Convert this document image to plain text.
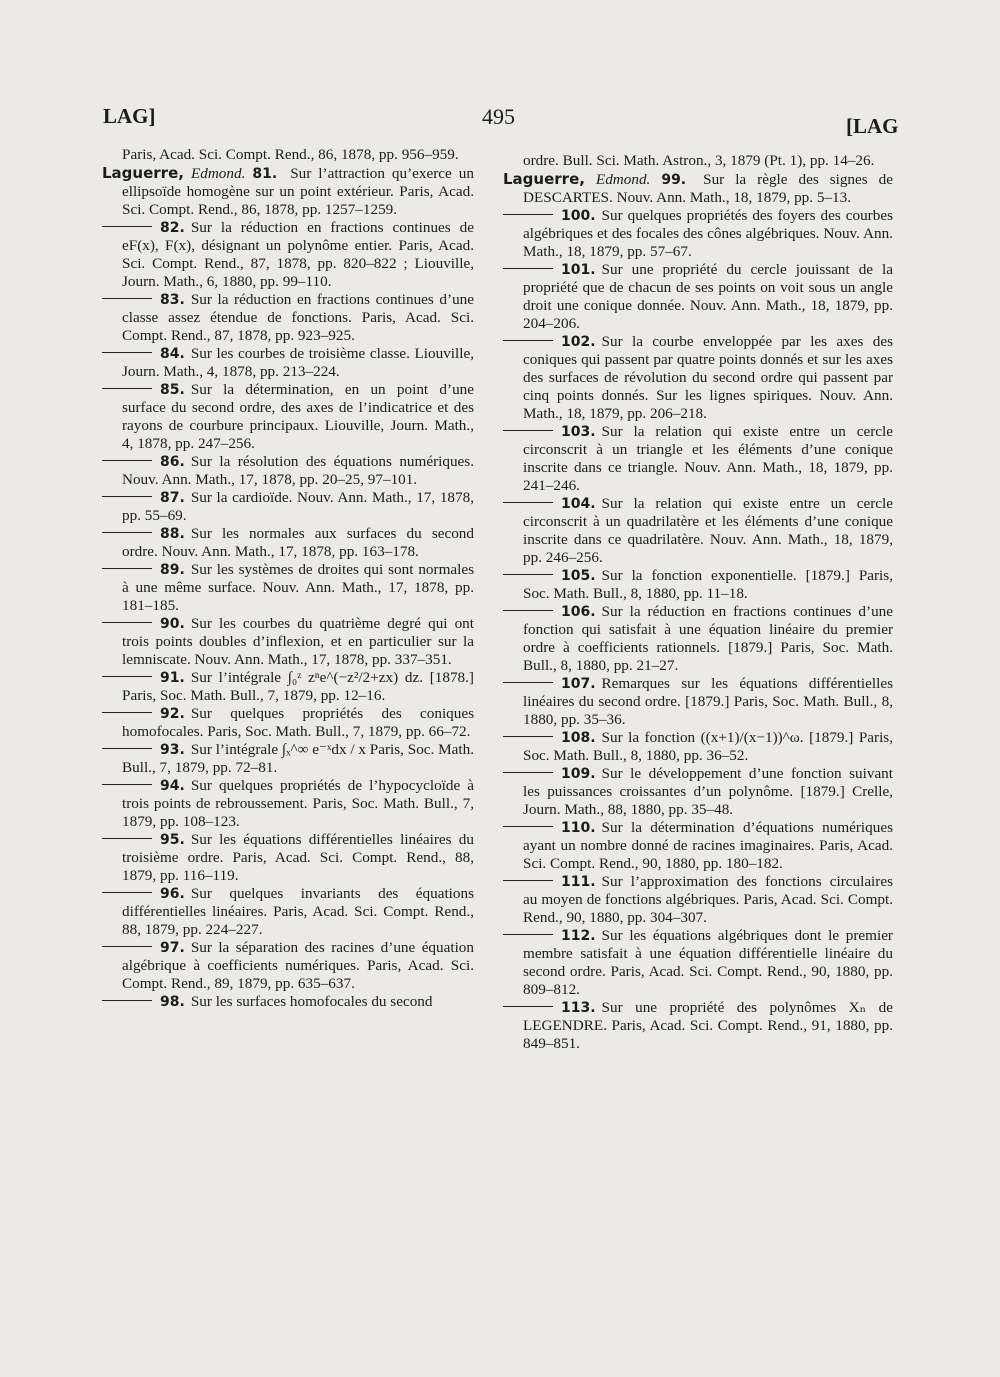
LAG]	495	[LAG

Paris, Acad. Sci. Compt. Rend., 86, 1878, pp. 956–959.

Laguerre, Edmond. 81. Sur l’attraction qu’exerce un ellipsoïde homogène sur un point extérieur. Paris, Acad. Sci. Compt. Rend., 86, 1878, pp. 1257–1259.

82. Sur la réduction en fractions continues de eF(x), F(x), désignant un polynôme entier. Paris, Acad. Sci. Compt. Rend., 87, 1878, pp. 820–822 ; Liouville, Journ. Math., 6, 1880, pp. 99–110.

83. Sur la réduction en fractions continues d’une classe assez étendue de fonctions. Paris, Acad. Sci. Compt. Rend., 87, 1878, pp. 923–925.

84. Sur les courbes de troisième classe. Liouville, Journ. Math., 4, 1878, pp. 213–224.

85. Sur la détermination, en un point d’une surface du second ordre, des axes de l’indicatrice et des rayons de courbure principaux. Liouville, Journ. Math., 4, 1878, pp. 247–256.

86. Sur la résolution des équations numériques. Nouv. Ann. Math., 17, 1878, pp. 20–25, 97–101.

87. Sur la cardioïde. Nouv. Ann. Math., 17, 1878, pp. 55–69.

88. Sur les normales aux surfaces du second ordre. Nouv. Ann. Math., 17, 1878, pp. 163–178.

89. Sur les systèmes de droites qui sont normales à une même surface. Nouv. Ann. Math., 17, 1878, pp. 181–185.

90. Sur les courbes du quatrième degré qui ont trois points doubles d’inflexion, et en particulier sur la lemniscate. Nouv. Ann. Math., 17, 1878, pp. 337–351.

91. Sur l’intégrale ∫₀ᶻ zⁿe^(−z²/2+zx) dz. [1878.] Paris, Soc. Math. Bull., 7, 1879, pp. 12–16.

92. Sur quelques propriétés des coniques homofocales. Paris, Soc. Math. Bull., 7, 1879, pp. 66–72.

93. Sur l’intégrale ∫ₓ^∞ e⁻ˣdx / x Paris, Soc. Math. Bull., 7, 1879, pp. 72–81.

94. Sur quelques propriétés de l’hypocycloïde à trois points de rebroussement. Paris, Soc. Math. Bull., 7, 1879, pp. 108–123.

95. Sur les équations différentielles linéaires du troisième ordre. Paris, Acad. Sci. Compt. Rend., 88, 1879, pp. 116–119.

96. Sur quelques invariants des équations différentielles linéaires. Paris, Acad. Sci. Compt. Rend., 88, 1879, pp. 224–227.

97. Sur la séparation des racines d’une équation algébrique à coefficients numériques. Paris, Acad. Sci. Compt. Rend., 89, 1879, pp. 635–637.

98. Sur les surfaces homofocales du second

ordre. Bull. Sci. Math. Astron., 3, 1879 (Pt. 1), pp. 14–26.

Laguerre, Edmond. 99. Sur la règle des signes de DESCARTES. Nouv. Ann. Math., 18, 1879, pp. 5–13.

100. Sur quelques propriétés des foyers des courbes algébriques et des focales des cônes algébriques. Nouv. Ann. Math., 18, 1879, pp. 57–67.

101. Sur une propriété du cercle jouissant de la propriété que de chacun de ses points on voit sous un angle droit une conique donnée. Nouv. Ann. Math., 18, 1879, pp. 204–206.

102. Sur la courbe enveloppée par les axes des coniques qui passent par quatre points donnés et sur les axes des surfaces de révolution du second ordre qui passent par cinq points donnés. Sur les lignes spiriques. Nouv. Ann. Math., 18, 1879, pp. 206–218.

103. Sur la relation qui existe entre un cercle circonscrit à un triangle et les éléments d’une conique inscrite dans ce triangle. Nouv. Ann. Math., 18, 1879, pp. 241–246.

104. Sur la relation qui existe entre un cercle circonscrit à un quadrilatère et les éléments d’une conique inscrite dans ce quadrilatère. Nouv. Ann. Math., 18, 1879, pp. 246–256.

105. Sur la fonction exponentielle. [1879.] Paris, Soc. Math. Bull., 8, 1880, pp. 11–18.

106. Sur la réduction en fractions continues d’une fonction qui satisfait à une équation linéaire du premier ordre à coefficients rationnels. [1879.] Paris, Soc. Math. Bull., 8, 1880, pp. 21–27.

107. Remarques sur les équations différentielles linéaires du second ordre. [1879.] Paris, Soc. Math. Bull., 8, 1880, pp. 35–36.

108. Sur la fonction ((x+1)/(x−1))^ω. [1879.] Paris, Soc. Math. Bull., 8, 1880, pp. 36–52.

109. Sur le développement d’une fonction suivant les puissances croissantes d’un polynôme. [1879.] Crelle, Journ. Math., 88, 1880, pp. 35–48.

110. Sur la détermination d’équations numériques ayant un nombre donné de racines imaginaires. Paris, Acad. Sci. Compt. Rend., 90, 1880, pp. 180–182.

111. Sur l’approximation des fonctions circulaires au moyen de fonctions algébriques. Paris, Acad. Sci. Compt. Rend., 90, 1880, pp. 304–307.

112. Sur les équations algébriques dont le premier membre satisfait à une équation différentielle linéaire du second ordre. Paris, Acad. Sci. Compt. Rend., 90, 1880, pp. 809–812.

113. Sur une propriété des polynômes Xₙ de LEGENDRE. Paris, Acad. Sci. Compt. Rend., 91, 1880, pp. 849–851.
